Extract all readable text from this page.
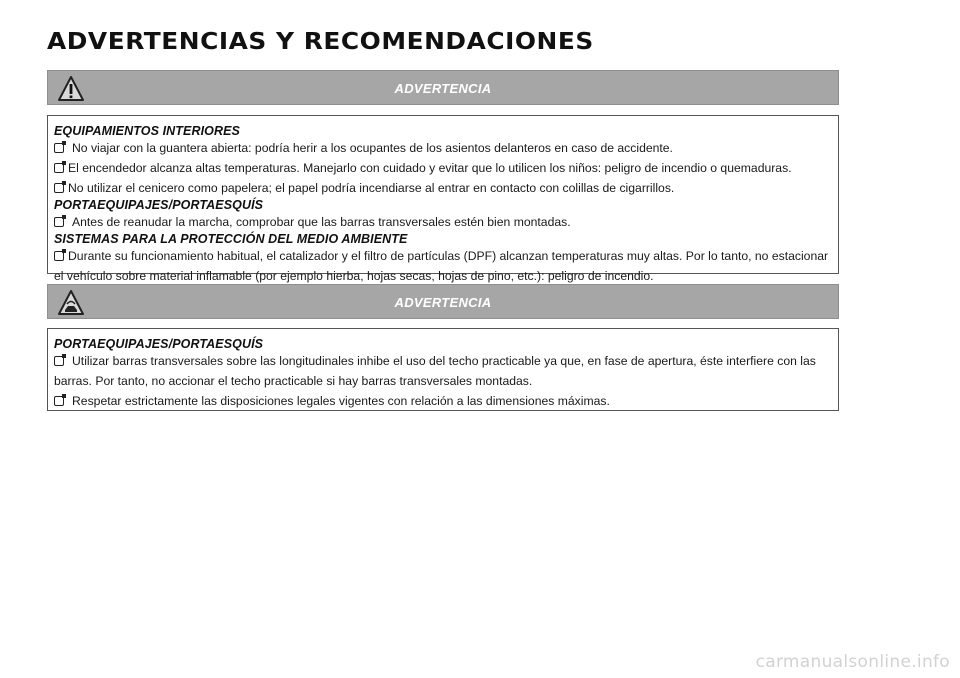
ADVERTENCIAS Y RECOMENDACIONES
ADVERTENCIA
EQUIPAMIENTOS INTERIORES
No viajar con la guantera abierta: podría herir a los ocupantes de los asientos delanteros en caso de accidente.
El encendedor alcanza altas temperaturas. Manejarlo con cuidado y evitar que lo utilicen los niños: peligro de incendio o quemaduras.
No utilizar el cenicero como papelera; el papel podría incendiarse al entrar en contacto con colillas de cigarrillos.
PORTAEQUIPAJES/PORTAESQUÍS
Antes de reanudar la marcha, comprobar que las barras transversales estén bien montadas.
SISTEMAS PARA LA PROTECCIÓN DEL MEDIO AMBIENTE
Durante su funcionamiento habitual, el catalizador y el filtro de partículas (DPF) alcanzan temperaturas muy altas. Por lo tanto, no estacionar el vehículo sobre material inflamable (por ejemplo hierba, hojas secas, hojas de pino, etc.): peligro de incendio.
ADVERTENCIA
PORTAEQUIPAJES/PORTAESQUÍS
Utilizar barras transversales sobre las longitudinales inhibe el uso del techo practicable ya que, en fase de apertura, éste interfiere con las barras. Por tanto, no accionar el techo practicable si hay barras transversales montadas.
Respetar estrictamente las disposiciones legales vigentes con relación a las dimensiones máximas.
carmanualsonline.info
